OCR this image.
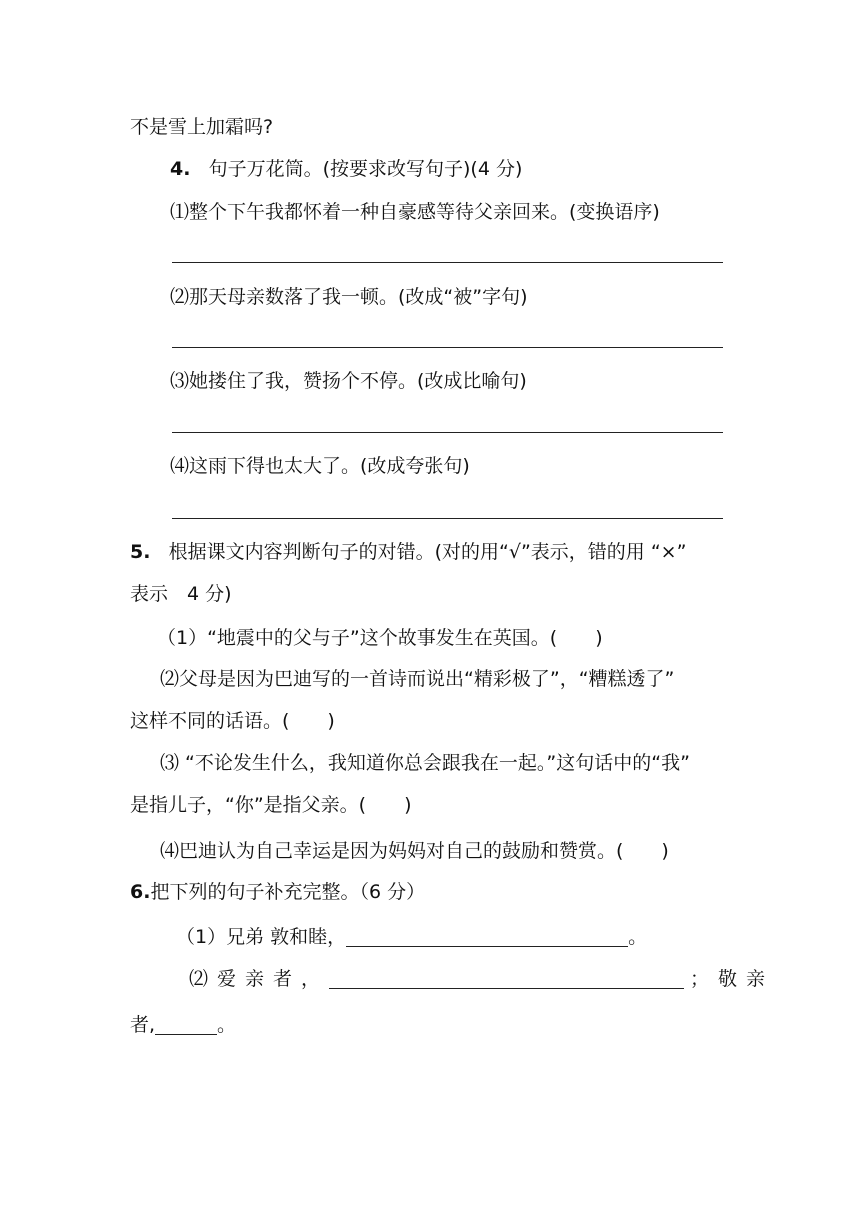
不是雪上加霜吗?
4. 句子万花筒。(按要求改写句子)(4 分)
⑴整个下午我都怀着一种自豪感等待父亲回来。(变换语序)
⑵那天母亲数落了我一顿。(改成“被”字句)
⑶她搂住了我，赞扬个不停。(改成比喻句)
⑷这雨下得也太大了。(改成夸张句)
5. 根据课文内容判断句子的对错。(对的用“√”表示，错的用 “×”
表示　4 分)
（1）“地震中的父与子”这个故事发生在英国。(　　)
⑵父母是因为巴迪写的一首诗而说出“精彩极了”，“糟糕透了”
这样不同的话语。(　　)
⑶ “不论发生什么，我知道你总会跟我在一起。”这句话中的“我”
是指儿子，“你”是指父亲。(　　)
⑷巴迪认为自己幸运是因为妈妈对自己的鼓励和赞赏。(　　)
6.把下列的句子补充完整。（6 分）
（1）兄弟 敦和睦，	。
⑵爱亲者，	；敬亲
者,	。
